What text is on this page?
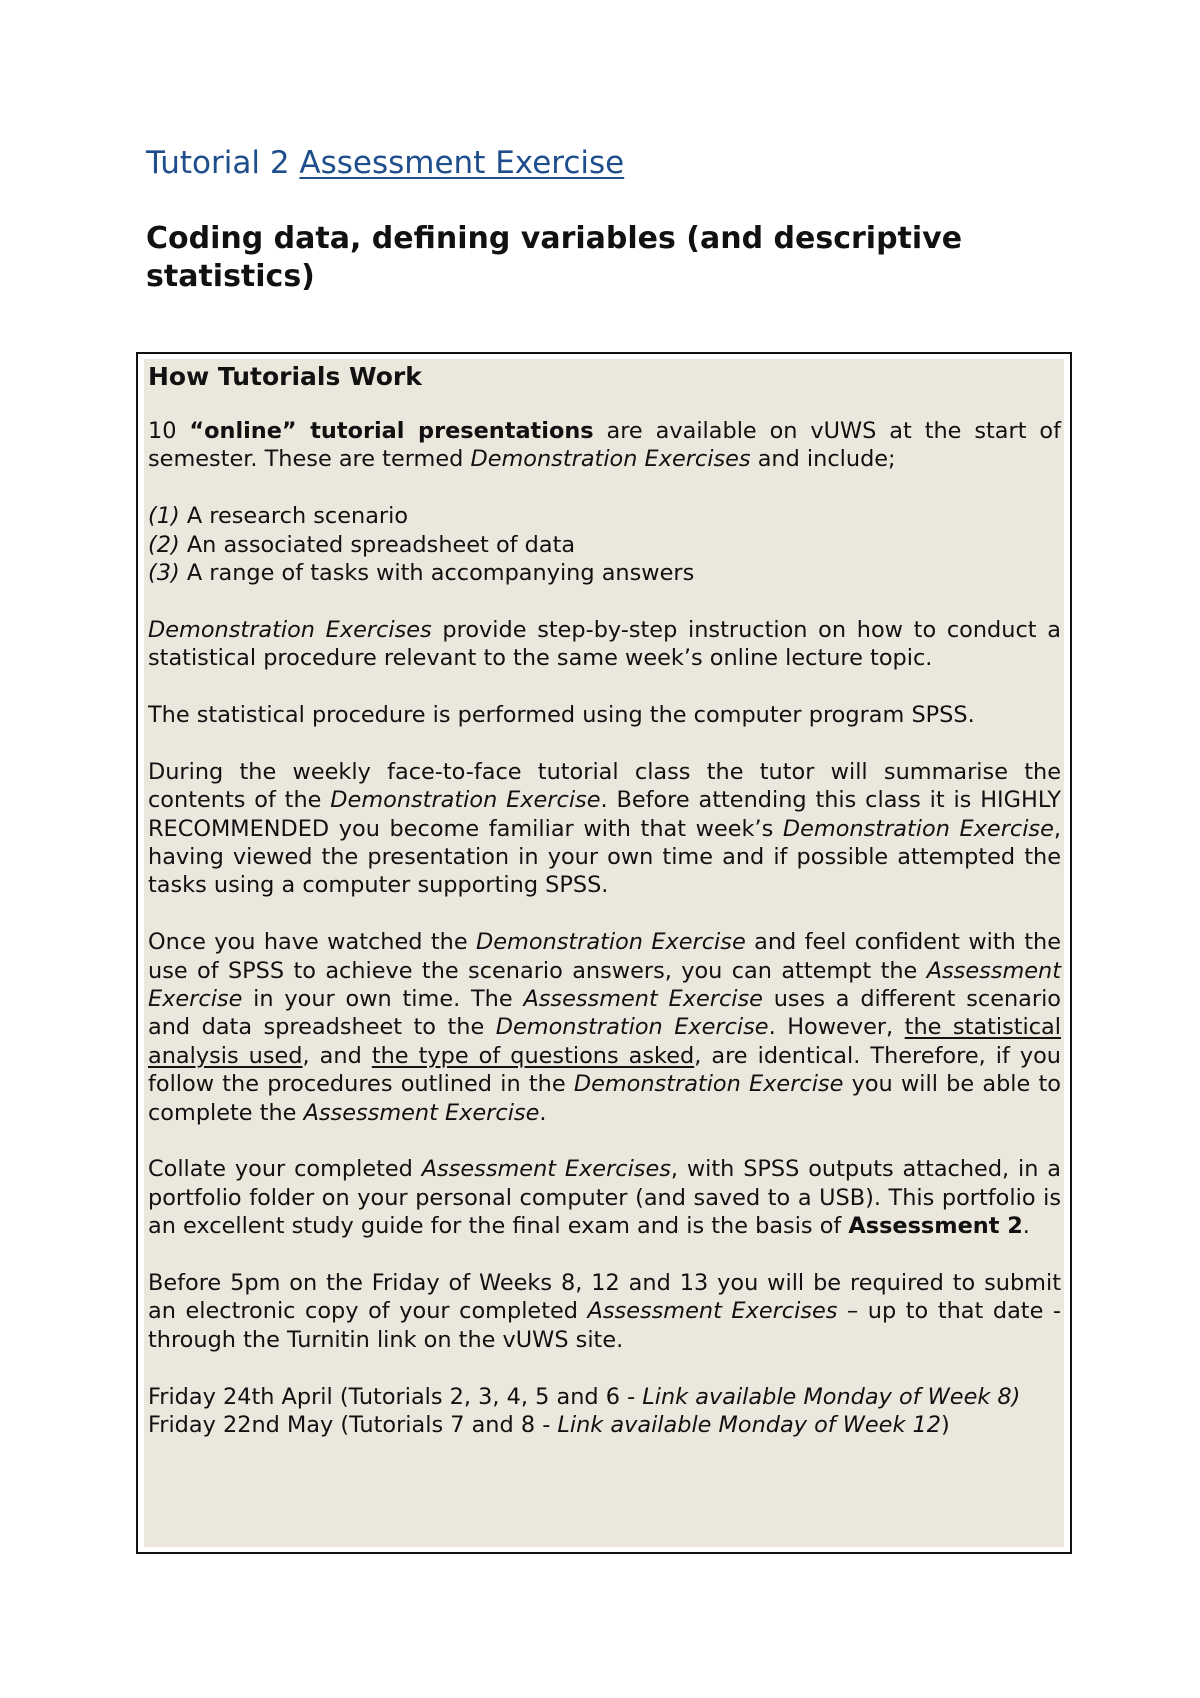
Tutorial 2 Assessment Exercise
Coding data, defining variables (and descriptive statistics)

How Tutorials Work

10 “online” tutorial presentations are available on vUWS at the start of semester. These are termed Demonstration Exercises and include;

(1) A research scenario

(2) An associated spreadsheet of data

(3) A range of tasks with accompanying answers

Demonstration Exercises provide step-by-step instruction on how to conduct a statistical procedure relevant to the same week’s online lecture topic.

The statistical procedure is performed using the computer program SPSS.

During the weekly face-to-face tutorial class the tutor will summarise the contents of the Demonstration Exercise. Before attending this class it is HIGHLY RECOMMENDED you become familiar with that week’s Demonstration Exercise, having viewed the presentation in your own time and if possible attempted the tasks using a computer supporting SPSS.

Once you have watched the Demonstration Exercise and feel confident with the use of SPSS to achieve the scenario answers, you can attempt the Assessment Exercise in your own time. The Assessment Exercise uses a different scenario and data spreadsheet to the Demonstration Exercise. However, the statistical analysis used, and the type of questions asked, are identical. Therefore, if you follow the procedures outlined in the Demonstration Exercise you will be able to complete the Assessment Exercise.

Collate your completed Assessment Exercises, with SPSS outputs attached, in a portfolio folder on your personal computer (and saved to a USB). This portfolio is an excellent study guide for the final exam and is the basis of Assessment 2.

Before 5pm on the Friday of Weeks 8, 12 and 13 you will be required to submit an electronic copy of your completed Assessment Exercises – up to that date - through the Turnitin link on the vUWS site.

Friday 24th April (Tutorials 2, 3, 4, 5 and 6 - Link available Monday of Week 8)

Friday 22nd May (Tutorials 7 and 8 - Link available Monday of Week 12)
